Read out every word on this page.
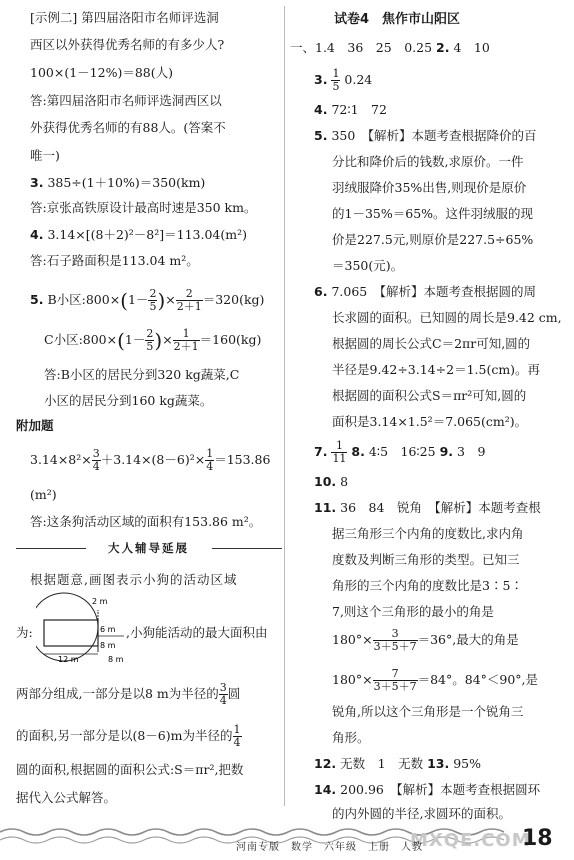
[示例二] 第四届洛阳市名师评选洞
西区以外获得优秀名师的有多少人?
100×(1－12%)＝88(人)
答:第四届洛阳市名师评选洞西区以
外获得优秀名师的有88人。(答案不
唯一)
3. 385÷(1＋10%)＝350(km)
答:京张高铁原设计最高时速是350 km。
4. 3.14×[(8＋2)²－8²]＝113.04(m²)
答:石子路面积是113.04 m²。
5. B小区:800×(1－ $\frac{2}{5}$ )× $\frac{2}{2+1} =320(kg)$
C小区:800×(1－ $\frac{2}{5}$ )× $\frac{1}{2+1} =160(kg)$
答:B小区的居民分到320 kg蔬菜,C
小区的居民分到160 kg蔬菜。
附加题
$3.14\times 8^2\times \frac{3}{4} +3.14\times(8-6)^2\times \frac{1}{4} =153.86$
(m²)
答:这条狗活动区域的面积有153.86 m²。
大人辅导延展
根据题意,画图表示小狗的活动区域
为:
2 m
6 m
8 m
12 m	8 m
,小狗能活动的最大面积由
两部分组成,一部分是以8 m为半径的 $\frac{3}{4}$ 圆
的面积,另一部分是以(8－6)m为半径的 $\frac{1}{4}$
圆的面积,根据圆的面积公式:S＝πr²,把数
据代入公式解答。
试卷4　焦作市山阳区
一、1.4　36　25　0.25 2. 4　10
3. $\frac{1}{5} 0.24$
4. 72∶1　72
5. 350　【解析】本题考查根据降价的百
分比和降价后的钱数,求原价。一件
羽绒服降价35%出售,则现价是原价
的1－35%＝65%。这件羽绒服的现
价是227.5元,则原价是227.5÷65%
＝350(元)。
6. 7.065　【解析】本题考查根据圆的周
长求圆的面积。已知圆的周长是9.42 cm,
根据圆的周长公式C＝2πr可知,圆的
半径是9.42÷3.14÷2＝1.5(cm)。再
根据圆的面积公式S＝πr²可知,圆的
面积是3.14×1.5²＝7.065(cm²)。
7. $\frac{1}{11} 8$. 4∶5　16∶25 9. 3　9
10. 8
11. 36　84　锐角　【解析】本题考查根
据三角形三个内角的度数比,求内角
度数及判断三角形的类型。已知三
角形的三个内角的度数比是3∶5∶
7,则这个三角形的最小的角是
$180^\circ\times \frac{3}{3+5+7} =36^\circ$,最大的角是
$180^\circ\times \frac{7}{3+5+7} =84^\circ$。84°＜90°,是
锐角,所以这个三角形是一个锐角三
角形。
12. 无数　1　无数 13. 95%
14. 200.96　【解析】本题考查根据圆环
的内外圆的半径,求圆环的面积。
MXQE.COM
河南专版　数学　六年级　上册　人教	18
